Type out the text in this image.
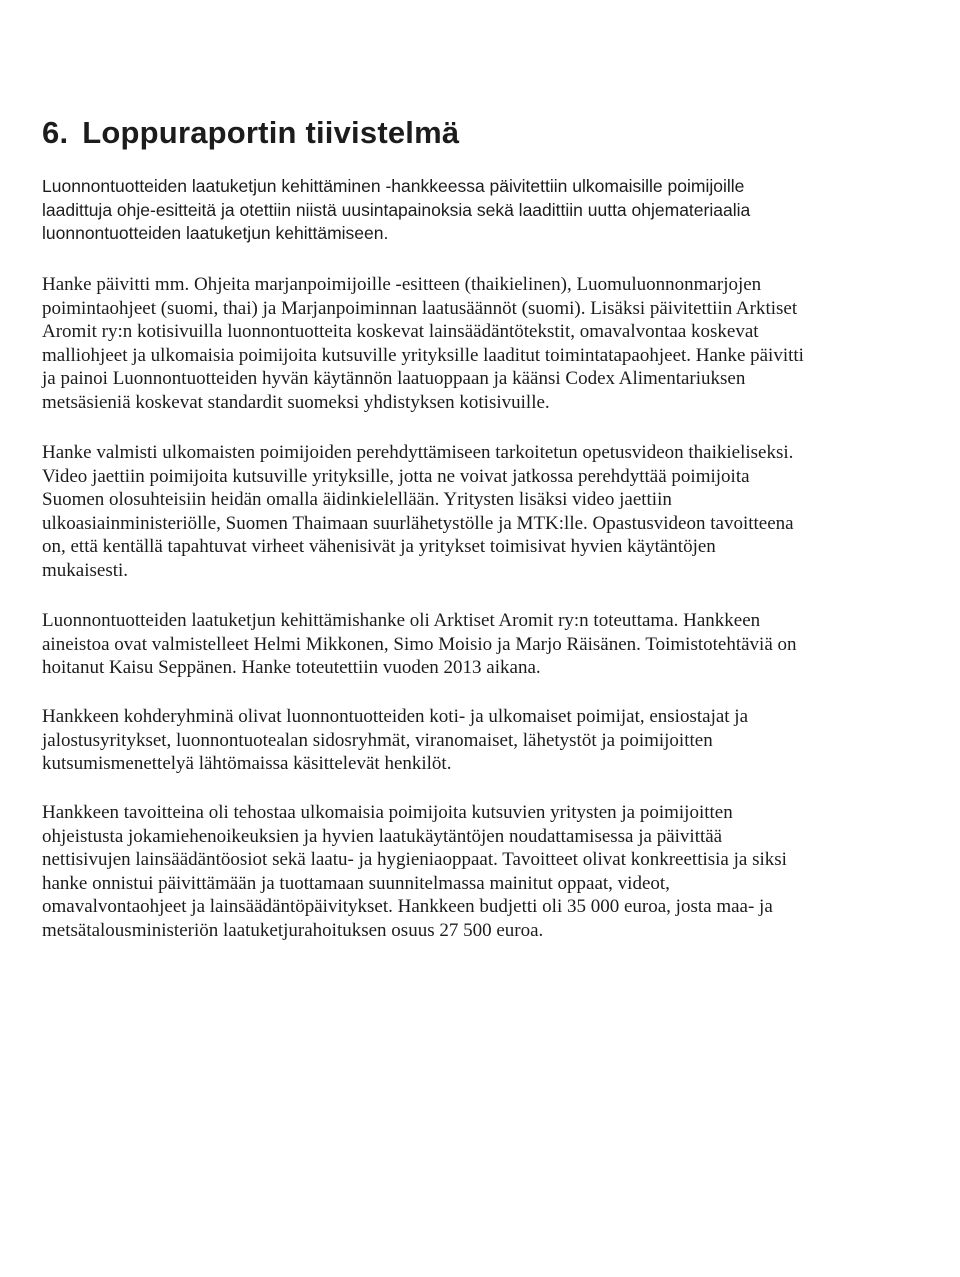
6. Loppuraportin tiivistelmä

Luonnontuotteiden laatuketjun kehittäminen -hankkeessa päivitettiin ulkomaisille poimijoille
laadittuja ohje-esitteitä ja otettiin niistä uusintapainoksia sekä laadittiin uutta ohjemateriaalia
luonnontuotteiden laatuketjun kehittämiseen.

Hanke päivitti mm. Ohjeita marjanpoimijoille -esitteen (thaikielinen), Luomuluonnonmarjojen
poimintaohjeet (suomi, thai) ja Marjanpoiminnan laatusäännöt (suomi). Lisäksi päivitettiin Arktiset
Aromit ry:n kotisivuilla luonnontuotteita koskevat lainsäädäntötekstit, omavalvontaa koskevat
malliohjeet ja ulkomaisia poimijoita kutsuville yrityksille laaditut toimintatapaohjeet. Hanke päivitti
ja painoi Luonnontuotteiden hyvän käytännön laatuoppaan ja käänsi Codex Alimentariuksen
metsäsieniä koskevat standardit suomeksi yhdistyksen kotisivuille.

Hanke valmisti ulkomaisten poimijoiden perehdyttämiseen tarkoitetun opetusvideon thaikieliseksi.
Video jaettiin poimijoita kutsuville yrityksille, jotta ne voivat jatkossa perehdyttää poimijoita
Suomen olosuhteisiin heidän omalla äidinkielellään. Yritysten lisäksi video jaettiin
ulkoasiainministeriölle, Suomen Thaimaan suurlähetystölle ja MTK:lle. Opastusvideon tavoitteena
on, että kentällä tapahtuvat virheet vähenisivät ja yritykset toimisivat hyvien käytäntöjen
mukaisesti.

Luonnontuotteiden laatuketjun kehittämishanke oli Arktiset Aromit ry:n toteuttama. Hankkeen
aineistoa ovat valmistelleet Helmi Mikkonen, Simo Moisio ja Marjo Räisänen. Toimistotehtäviä on
hoitanut Kaisu Seppänen. Hanke toteutettiin vuoden 2013 aikana.

Hankkeen kohderyhminä olivat luonnontuotteiden koti- ja ulkomaiset poimijat, ensiostajat ja
jalostusyritykset, luonnontuotealan sidosryhmät, viranomaiset, lähetystöt ja poimijoitten
kutsumismenettelyä lähtömaissa käsittelevät henkilöt.

Hankkeen tavoitteina oli tehostaa ulkomaisia poimijoita kutsuvien yritysten ja poimijoitten
ohjeistusta jokamiehenoikeuksien ja hyvien laatukäytäntöjen noudattamisessa ja päivittää
nettisivujen lainsäädäntöosiot sekä laatu- ja hygieniaoppaat. Tavoitteet olivat konkreettisia ja siksi
hanke onnistui päivittämään ja tuottamaan suunnitelmassa mainitut oppaat, videot,
omavalvontaohjeet ja lainsäädäntöpäivitykset. Hankkeen budjetti oli 35 000 euroa, josta maa- ja
metsätalousministeriön laatuketjurahoituksen osuus 27 500 euroa.
